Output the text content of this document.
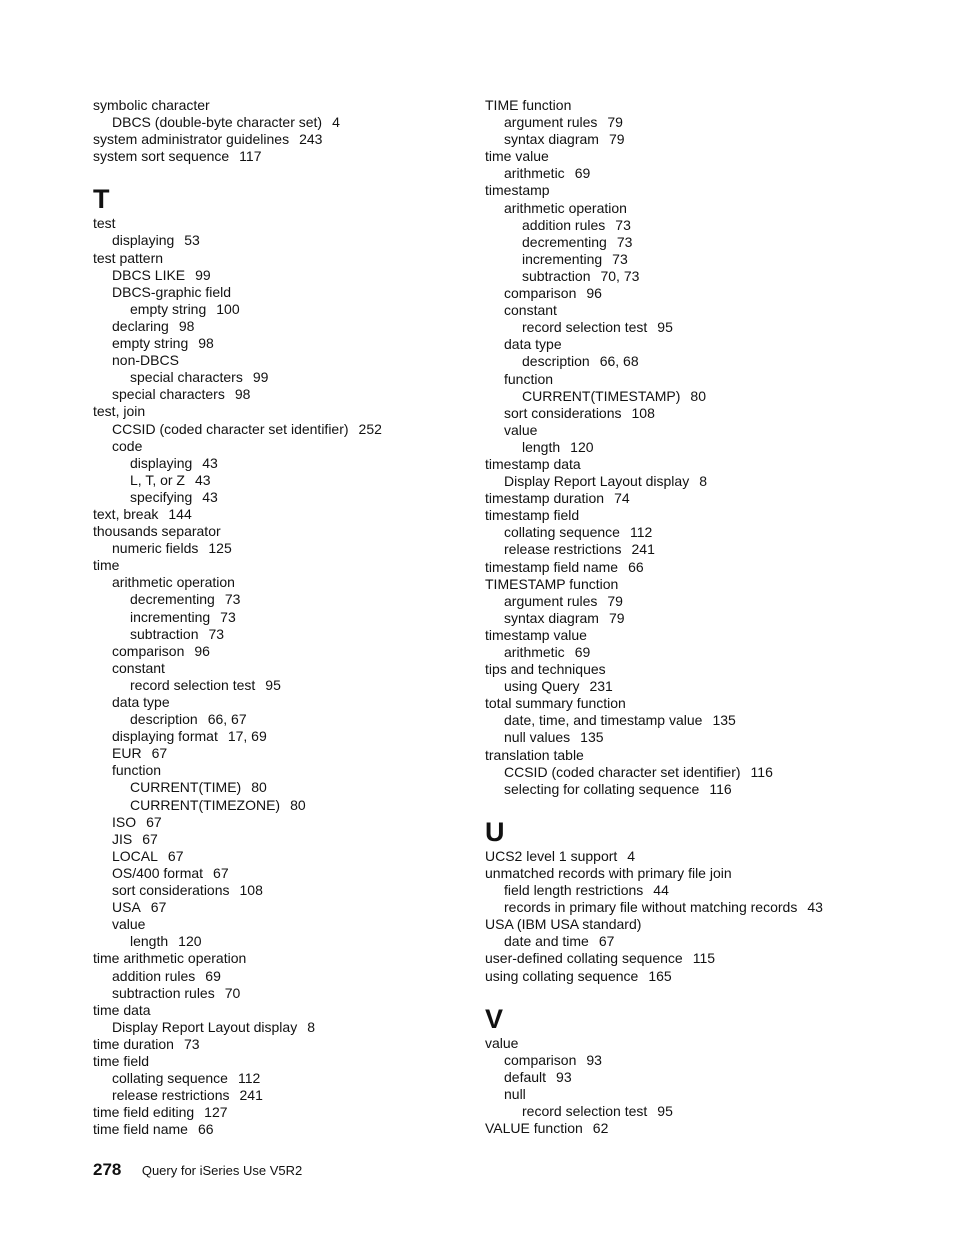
symbolic character
DBCS (double-byte character set) 4
system administrator guidelines 243
system sort sequence 117
T
test
displaying 53
test pattern
DBCS LIKE 99
DBCS-graphic field
empty string 100
declaring 98
empty string 98
non-DBCS
special characters 99
special characters 98
test, join
CCSID (coded character set identifier) 252
code
displaying 43
L, T, or Z 43
specifying 43
text, break 144
thousands separator
numeric fields 125
time
arithmetic operation
decrementing 73
incrementing 73
subtraction 73
comparison 96
constant
record selection test 95
data type
description 66, 67
displaying format 17, 69
EUR 67
function
CURRENT(TIME) 80
CURRENT(TIMEZONE) 80
ISO 67
JIS 67
LOCAL 67
OS/400 format 67
sort considerations 108
USA 67
value
length 120
time arithmetic operation
addition rules 69
subtraction rules 70
time data
Display Report Layout display 8
time duration 73
time field
collating sequence 112
release restrictions 241
time field editing 127
time field name 66
TIME function
argument rules 79
syntax diagram 79
time value
arithmetic 69
timestamp
arithmetic operation
addition rules 73
decrementing 73
incrementing 73
subtraction 70, 73
comparison 96
constant
record selection test 95
data type
description 66, 68
function
CURRENT(TIMESTAMP) 80
sort considerations 108
value
length 120
timestamp data
Display Report Layout display 8
timestamp duration 74
timestamp field
collating sequence 112
release restrictions 241
timestamp field name 66
TIMESTAMP function
argument rules 79
syntax diagram 79
timestamp value
arithmetic 69
tips and techniques
using Query 231
total summary function
date, time, and timestamp value 135
null values 135
translation table
CCSID (coded character set identifier) 116
selecting for collating sequence 116
U
UCS2 level 1 support 4
unmatched records with primary file join
field length restrictions 44
records in primary file without matching records 43
USA (IBM USA standard)
date and time 67
user-defined collating sequence 115
using collating sequence 165
V
value
comparison 93
default 93
null
record selection test 95
VALUE function 62
278 Query for iSeries Use V5R2
